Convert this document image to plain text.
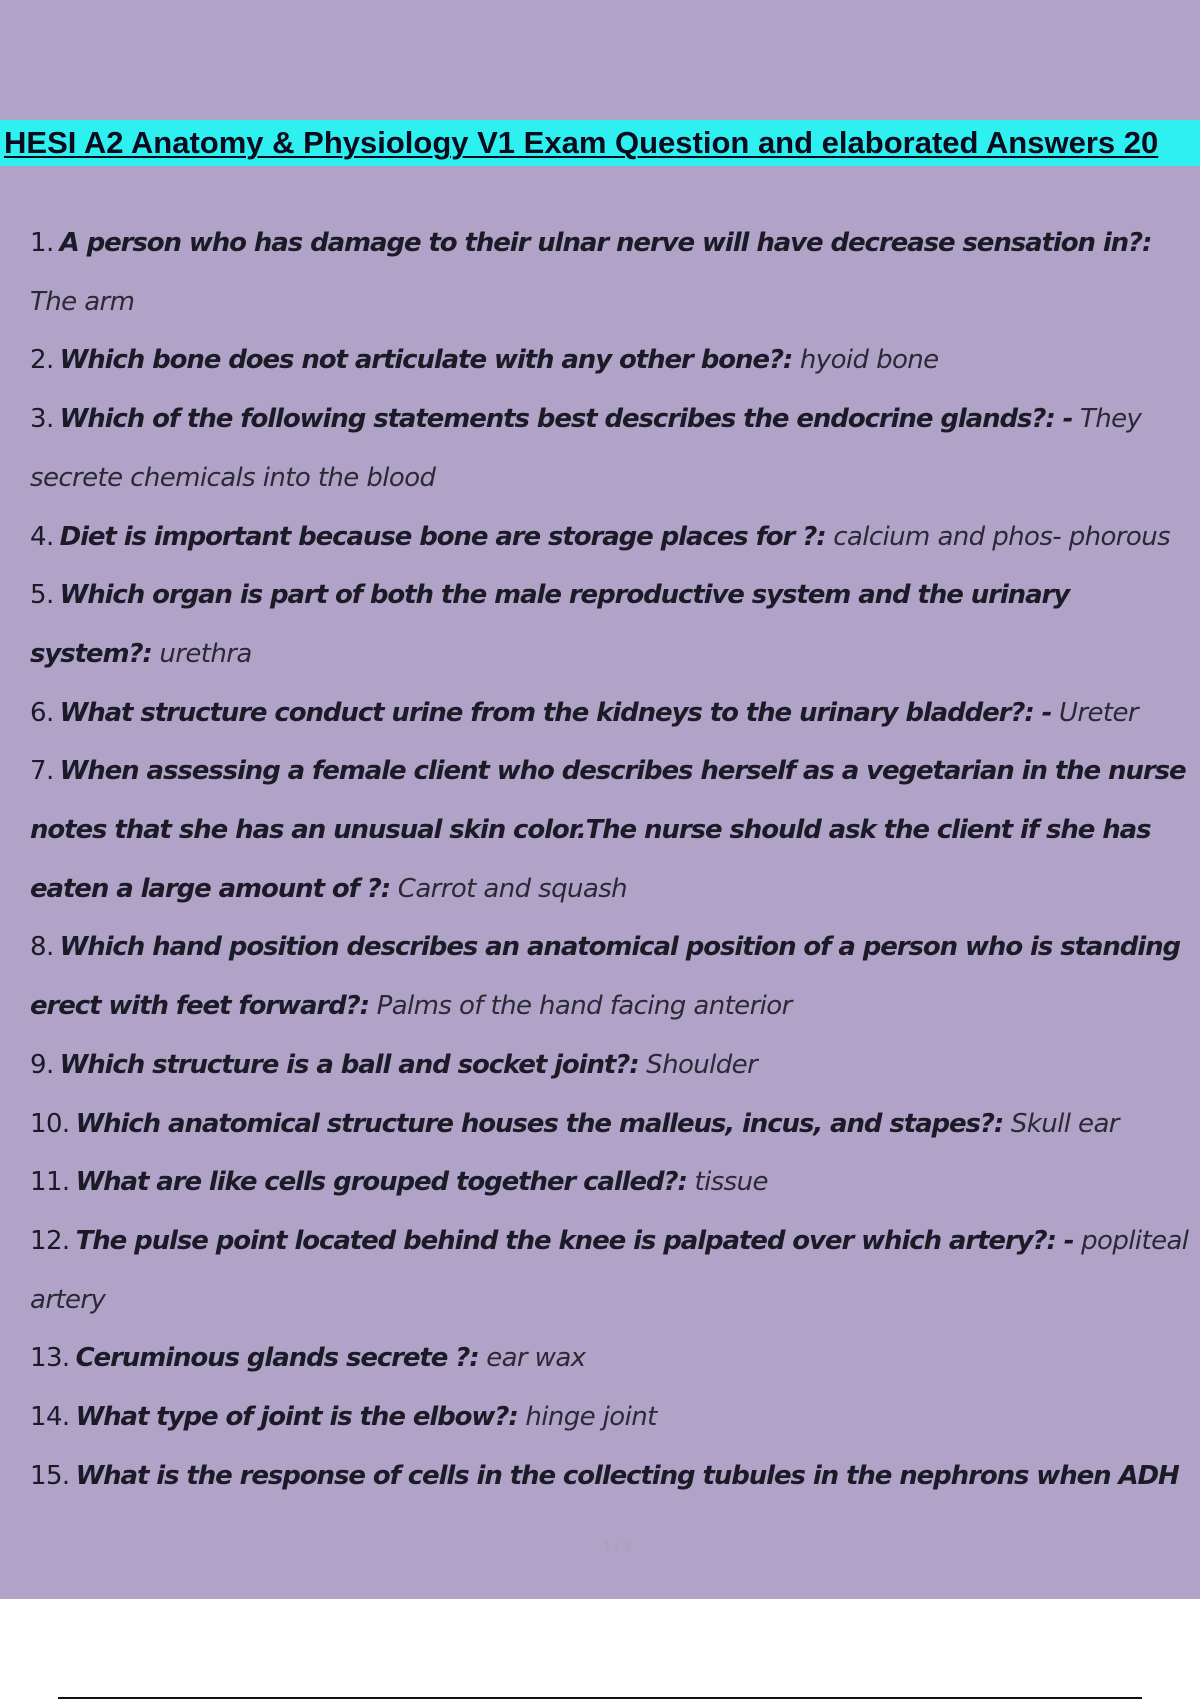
HESI A2 Anatomy & Physiology V1 Exam Question and elaborated Answers 20

1. A person who has damage to their ulnar nerve will have decrease sensation in?: The arm

2. Which bone does not articulate with any other bone?: hyoid bone

3. Which of the following statements best describes the endocrine glands?: - They secrete chemicals into the blood

4. Diet is important because bone are storage places for ?: calcium and phos- phorous

5. Which organ is part of both the male reproductive system and the urinary system?: urethra

6. What structure conduct urine from the kidneys to the urinary bladder?: - Ureter

7. When assessing a female client who describes herself as a vegetarian in the nurse notes that she has an unusual skin color.The nurse should ask the client if she has eaten a large amount of ?: Carrot and squash

8. Which hand position describes an anatomical position of a person who is standing erect with feet forward?: Palms of the hand facing anterior

9. Which structure is a ball and socket joint?: Shoulder

10. Which anatomical structure houses the malleus, incus, and stapes?: Skull ear

11. What are like cells grouped together called?: tissue

12. The pulse point located behind the knee is palpated over which artery?: - popliteal artery

13. Ceruminous glands secrete ?: ear wax

14. What type of joint is the elbow?: hinge joint

15. What is the response of cells in the collecting tubules in the nephrons when ADH

1 / 3
